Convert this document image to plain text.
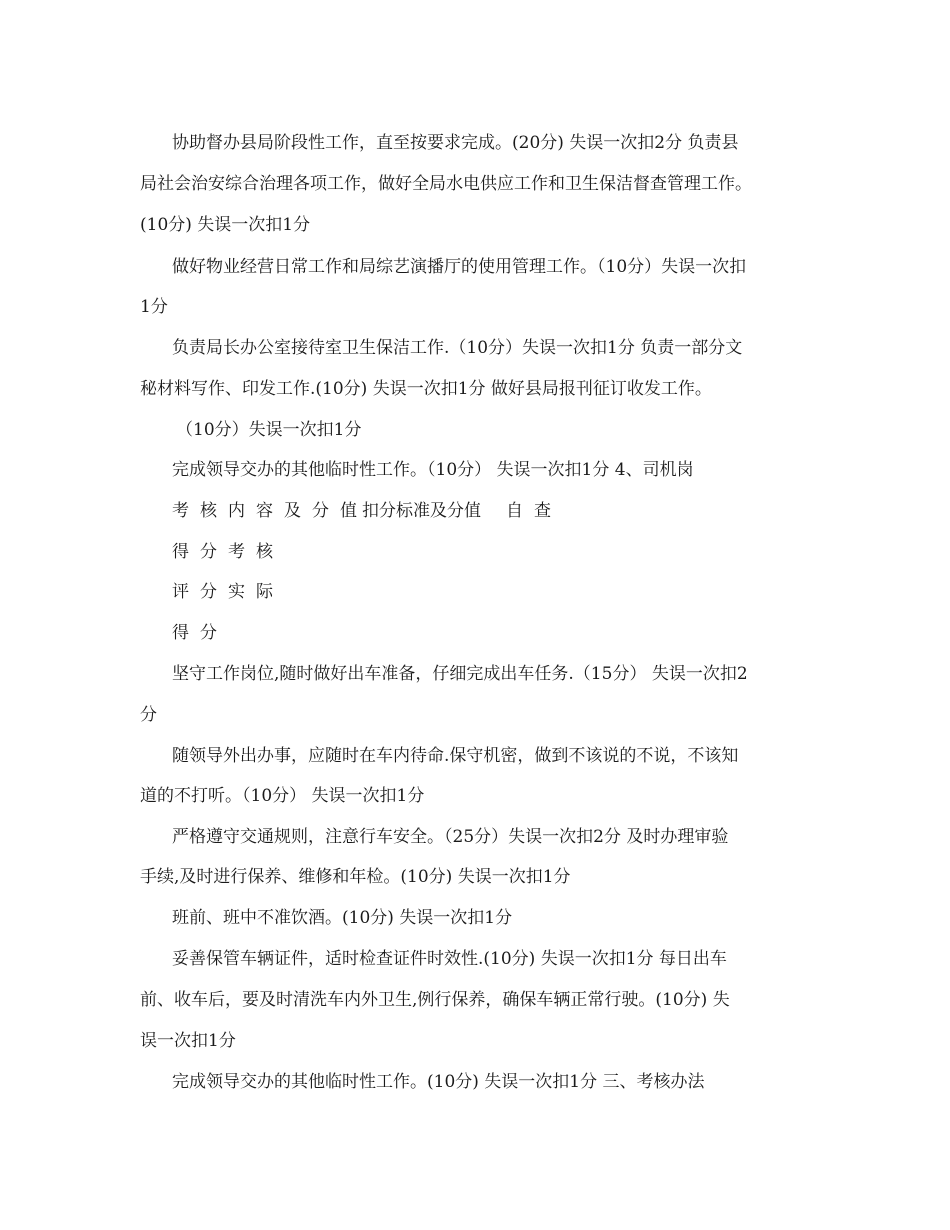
协助督办县局阶段性工作，直至按要求完成。(20分) 失误一次扣2分 负责县

局社会治安综合治理各项工作，做好全局水电供应工作和卫生保洁督查管理工作。

(10分) 失误一次扣1分

做好物业经营日常工作和局综艺演播厅的使用管理工作。（10分）失误一次扣

1分

负责局长办公室接待室卫生保洁工作.（10分）失误一次扣1分 负责一部分文

秘材料写作、印发工作.(10分) 失误一次扣1分 做好县局报刊征订收发工作。

（10分）失误一次扣1分

完成领导交办的其他临时性工作。（10分） 失误一次扣1分 4、司机岗

考核内容及分值

扣分标准及分值 自查

得分考核

评分实际

得分

坚守工作岗位,随时做好出车准备，仔细完成出车任务.（15分） 失误一次扣2

分

随领导外出办事，应随时在车内待命.保守机密，做到不该说的不说，不该知

道的不打听。（10分） 失误一次扣1分

严格遵守交通规则，注意行车安全。（25分）失误一次扣2分 及时办理审验

手续,及时进行保养、维修和年检。(10分) 失误一次扣1分

班前、班中不准饮酒。(10分) 失误一次扣1分

妥善保管车辆证件，适时检查证件时效性.(10分) 失误一次扣1分 每日出车

前、收车后，要及时清洗车内外卫生,例行保养，确保车辆正常行驶。(10分) 失

误一次扣1分

完成领导交办的其他临时性工作。(10分) 失误一次扣1分 三、考核办法
